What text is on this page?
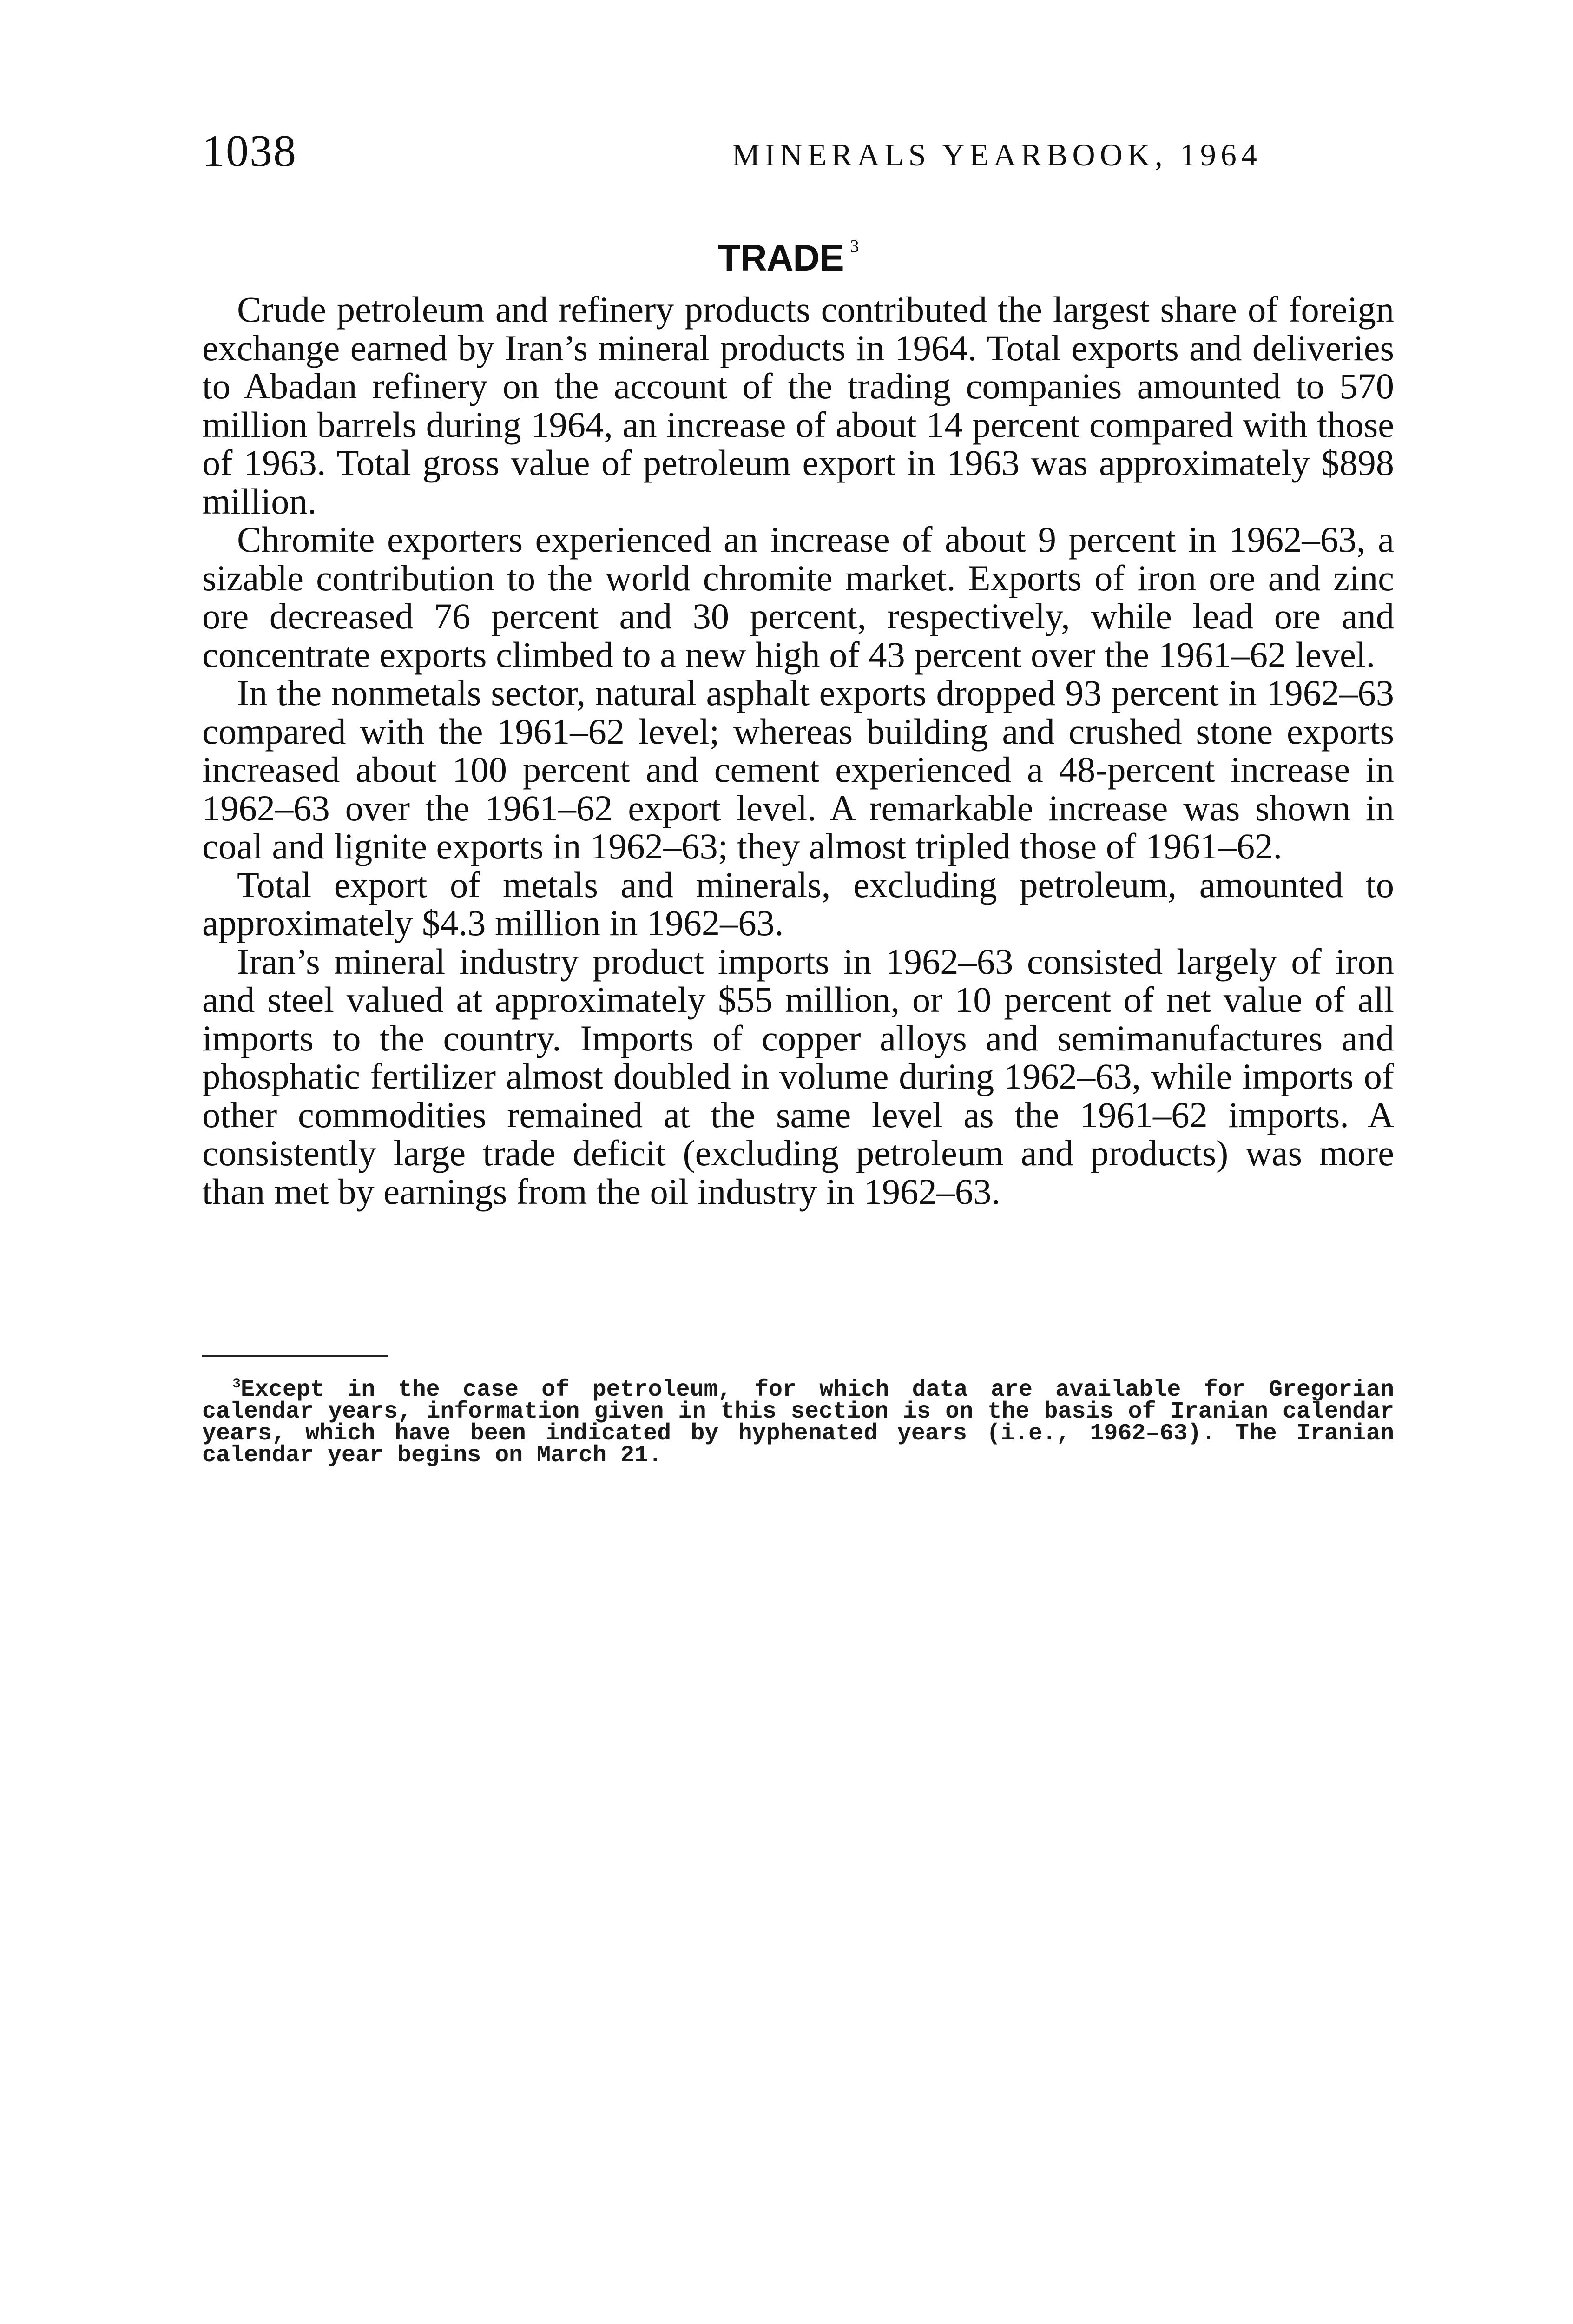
1038	MINERALS YEARBOOK, 1964
TRADE $^3$

Crude petroleum and refinery products contributed the largest share of foreign exchange earned by Iran’s mineral products in 1964. Total exports and deliveries to Abadan refinery on the account of the trading companies amounted to 570 million barrels during 1964, an increase of about 14 percent compared with those of 1963. Total gross value of petroleum export in 1963 was approximately $898 million.

Chromite exporters experienced an increase of about 9 percent in 1962–63, a sizable contribution to the world chromite market. Exports of iron ore and zinc ore decreased 76 percent and 30 percent, respectively, while lead ore and concentrate exports climbed to a new high of 43 percent over the 1961–62 level.

In the nonmetals sector, natural asphalt exports dropped 93 percent in 1962–63 compared with the 1961–62 level; whereas building and crushed stone exports increased about 100 percent and cement experienced a 48-percent increase in 1962–63 over the 1961–62 export level. A remarkable increase was shown in coal and lignite exports in 1962–63; they almost tripled those of 1961–62.

Total export of metals and minerals, excluding petroleum, amounted to approximately $4.3 million in 1962–63.

Iran’s mineral industry product imports in 1962–63 consisted largely of iron and steel valued at approximately $55 million, or 10 percent of net value of all imports to the country. Imports of copper alloys and semimanufactures and phosphatic fertilizer almost doubled in volume during 1962–63, while imports of other commodities remained at the same level as the 1961–62 imports. A consistently large trade deficit (excluding petroleum and products) was more than met by earnings from the oil industry in 1962–63.

$^3$Except in the case of petroleum, for which data are available for Gregorian calendar years, information given in this section is on the basis of Iranian calendar years, which have been indicated by hyphenated years (i.e., 1962–63). The Iranian calendar year begins on March 21.
